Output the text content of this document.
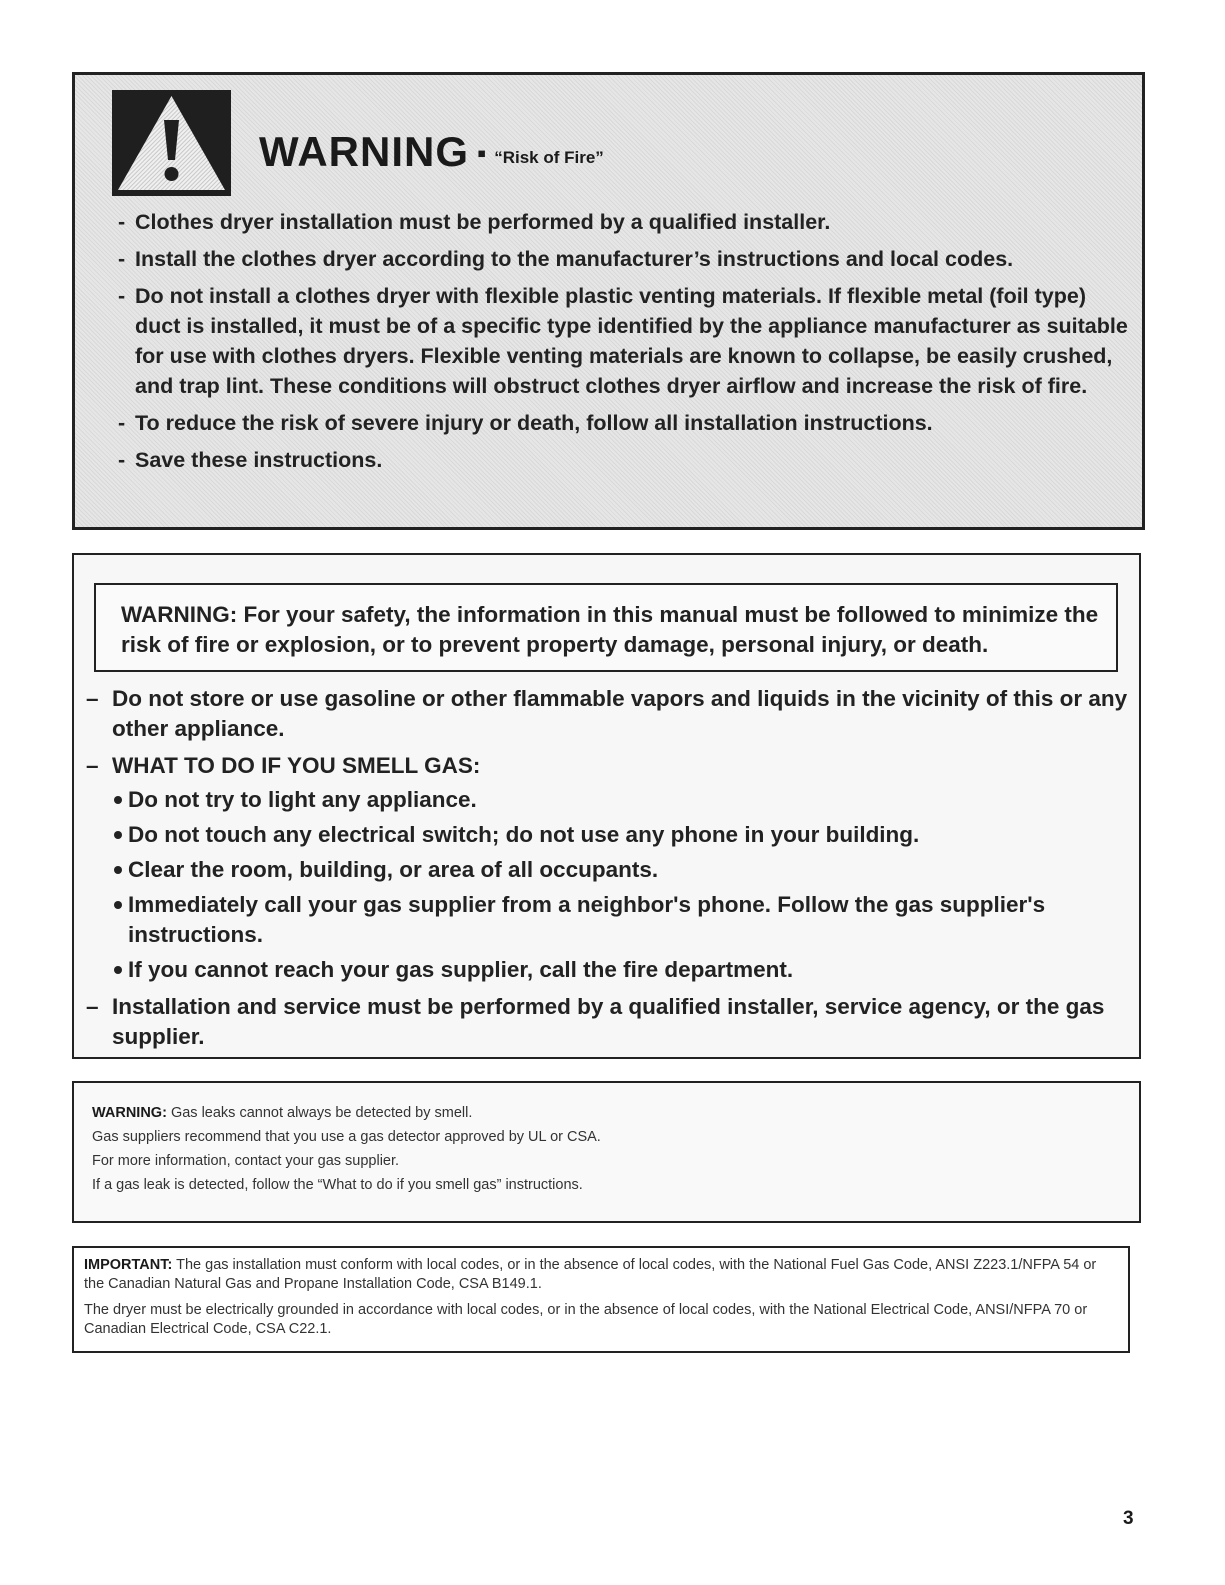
WARNING ▪ “Risk of Fire”
- Clothes dryer installation must be performed by a qualified installer.
- Install the clothes dryer according to the manufacturer’s instructions and local codes.
- Do not install a clothes dryer with flexible plastic venting materials. If flexible metal (foil type) duct is installed, it must be of a specific type identified by the appliance manufacturer as suitable for use with clothes dryers. Flexible venting materials are known to collapse, be easily crushed, and trap lint. These conditions will obstruct clothes dryer airflow and increase the risk of fire.
- To reduce the risk of severe injury or death, follow all installation instructions.
- Save these instructions.
WARNING: For your safety, the information in this manual must be followed to minimize the risk of fire or explosion, or to prevent property damage, personal injury, or death.
– Do not store or use gasoline or other flammable vapors and liquids in the vicinity of this or any other appliance.
– WHAT TO DO IF YOU SMELL GAS:
Do not try to light any appliance.
Do not touch any electrical switch; do not use any phone in your building.
Clear the room, building, or area of all occupants.
Immediately call your gas supplier from a neighbor's phone. Follow the gas supplier's instructions.
If you cannot reach your gas supplier, call the fire department.
– Installation and service must be performed by a qualified installer, service agency, or the gas supplier.
WARNING: Gas leaks cannot always be detected by smell.
Gas suppliers recommend that you use a gas detector approved by UL or CSA.
For more information, contact your gas supplier.
If a gas leak is detected, follow the “What to do if you smell gas” instructions.
IMPORTANT: The gas installation must conform with local codes, or in the absence of local codes, with the National Fuel Gas Code, ANSI Z223.1/NFPA 54 or the Canadian Natural Gas and Propane Installation Code, CSA B149.1.
The dryer must be electrically grounded in accordance with local codes, or in the absence of local codes, with the National Electrical Code, ANSI/NFPA 70 or Canadian Electrical Code, CSA C22.1.
3
